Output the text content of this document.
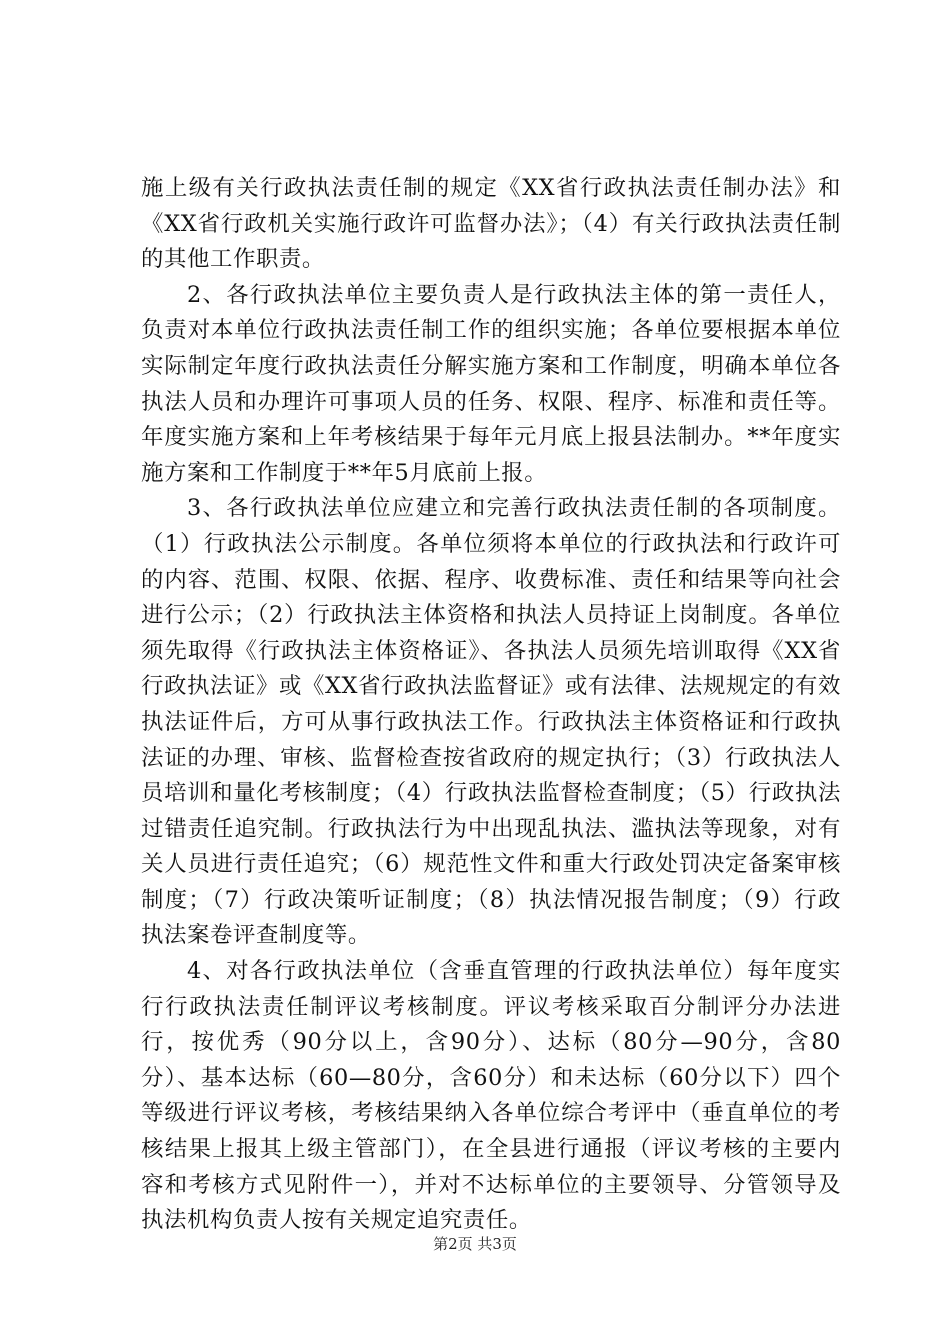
施上级有关行政执法责任制的规定《XX省行政执法责任制办法》和《XX省行政机关实施行政许可监督办法》；（4）有关行政执法责任制的其他工作职责。

2、各行政执法单位主要负责人是行政执法主体的第一责任人，负责对本单位行政执法责任制工作的组织实施；各单位要根据本单位实际制定年度行政执法责任分解实施方案和工作制度，明确本单位各执法人员和办理许可事项人员的任务、权限、程序、标准和责任等。年度实施方案和上年考核结果于每年元月底上报县法制办。**年度实施方案和工作制度于**年5月底前上报。

3、各行政执法单位应建立和完善行政执法责任制的各项制度。（1）行政执法公示制度。各单位须将本单位的行政执法和行政许可的内容、范围、权限、依据、程序、收费标准、责任和结果等向社会进行公示；（2）行政执法主体资格和执法人员持证上岗制度。各单位须先取得《行政执法主体资格证》、各执法人员须先培训取得《XX省行政执法证》或《XX省行政执法监督证》或有法律、法规规定的有效执法证件后，方可从事行政执法工作。行政执法主体资格证和行政执法证的办理、审核、监督检查按省政府的规定执行；（3）行政执法人员培训和量化考核制度；（4）行政执法监督检查制度；（5）行政执法过错责任追究制。行政执法行为中出现乱执法、滥执法等现象，对有关人员进行责任追究；（6）规范性文件和重大行政处罚决定备案审核制度；（7）行政决策听证制度；（8）执法情况报告制度；（9）行政执法案卷评查制度等。

4、对各行政执法单位（含垂直管理的行政执法单位）每年度实行行政执法责任制评议考核制度。评议考核采取百分制评分办法进行，按优秀（90分以上，含90分）、达标（80分—90分，含80分）、基本达标（60—80分，含60分）和未达标（60分以下）四个等级进行评议考核，考核结果纳入各单位综合考评中（垂直单位的考核结果上报其上级主管部门），在全县进行通报（评议考核的主要内容和考核方式见附件一），并对不达标单位的主要领导、分管领导及执法机构负责人按有关规定追究责任。

第2页 共3页
